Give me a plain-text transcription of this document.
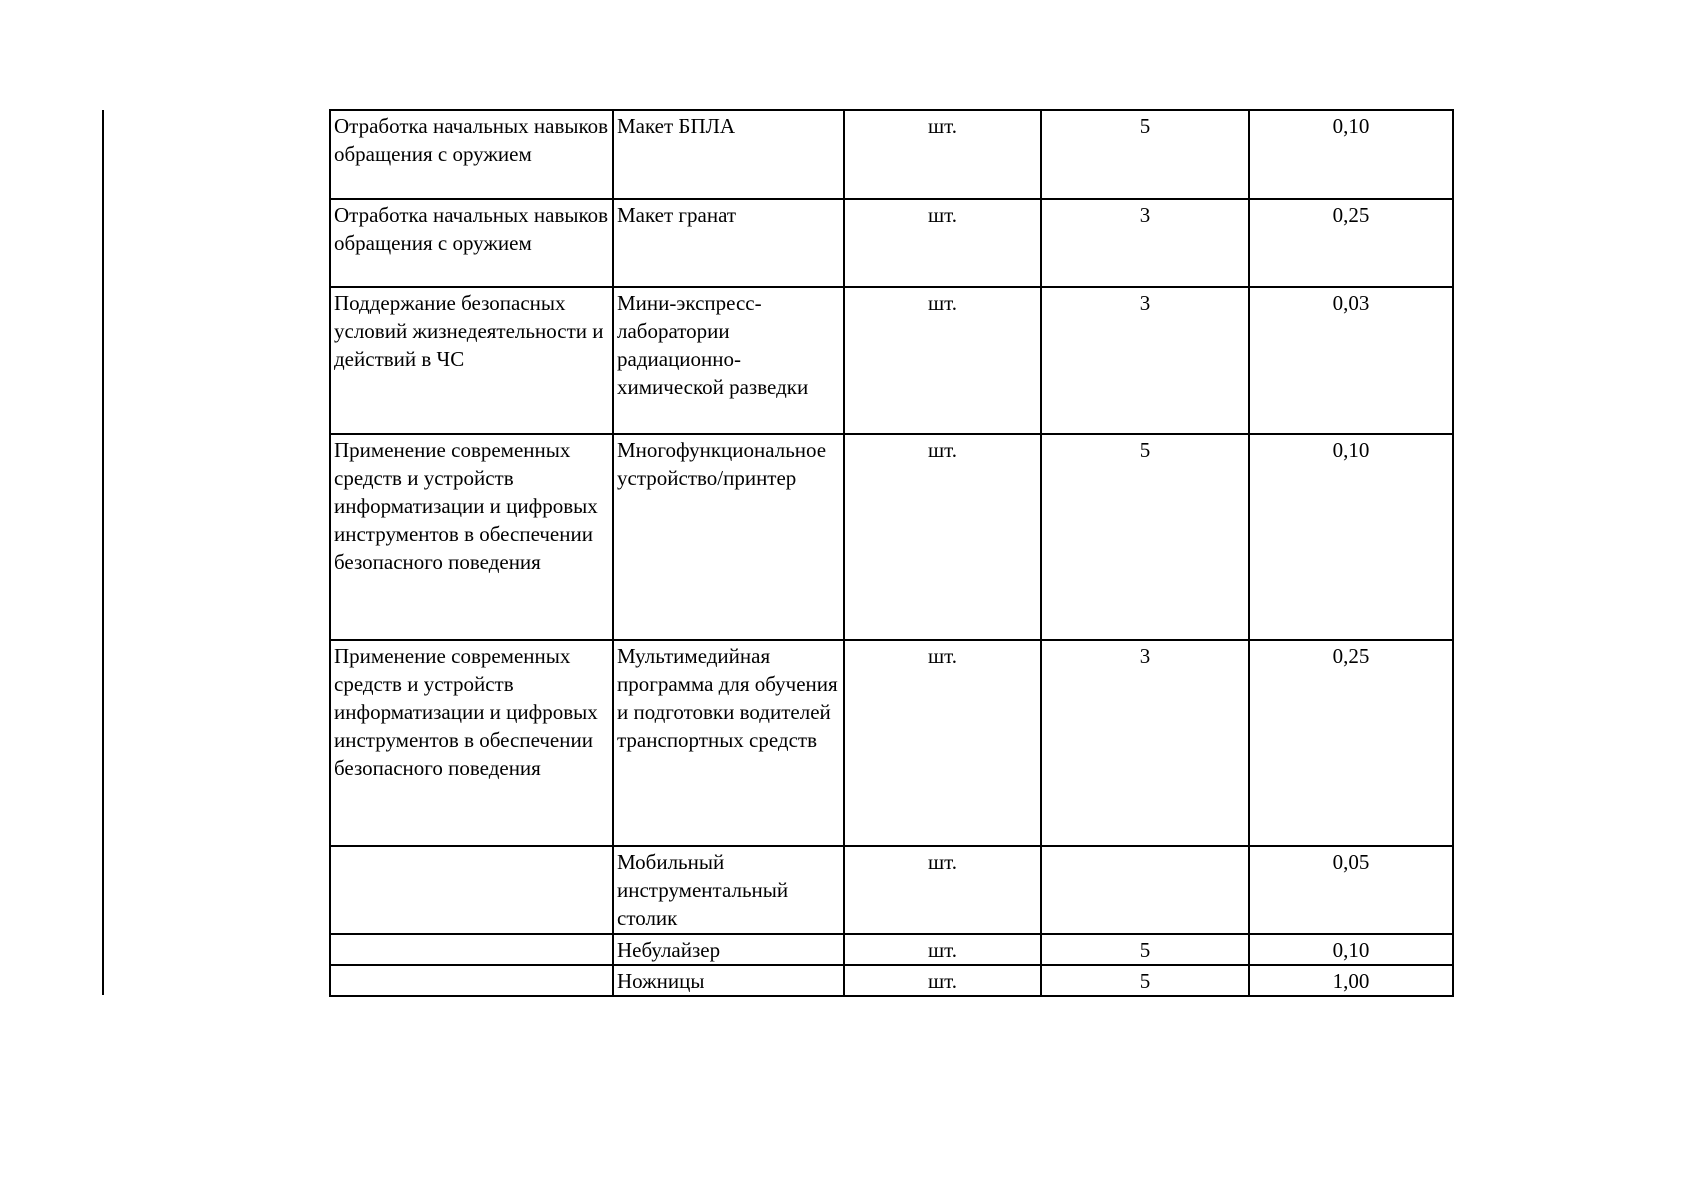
Отработка начальных навыков обращения с оружием	Макет БПЛА	шт.	5	0,10
Отработка начальных навыков обращения с оружием	Макет гранат	шт.	3	0,25
Поддержание безопасных условий жизнедеятельности и действий в ЧС	Мини-экспресс-лаборатории радиационно-химической разведки	шт.	3	0,03
Применение современных средств и устройств информатизации и цифровых инструментов в обеспечении безопасного поведения	Многофункциональное устройство/принтер	шт.	5	0,10
Применение современных средств и устройств информатизации и цифровых инструментов в обеспечении безопасного поведения	Мультимедийная программа для обучения и подготовки водителей транспортных средств	шт.	3	0,25
	Мобильный инструментальный столик	шт.		0,05
	Небулайзер	шт.	5	0,10
	Ножницы	шт.	5	1,00
